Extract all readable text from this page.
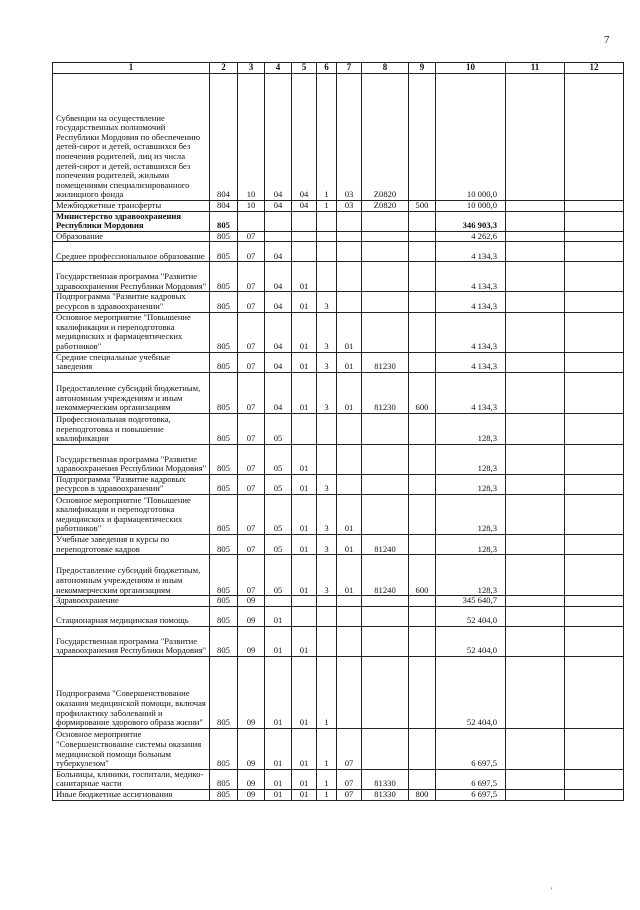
7
1	2	3	4	5	6	7	8	9	10	11	12
Субвенции на осуществление государственных полномочий Республики Мордовия по обеспечению детей-сирот и детей, оставшихся без попечения родителей, лиц из числа детей-сирот и детей, оставшихся без попечения родителей, жилыми помещениями специализированного жилищного фонда	804	10	04	04	1	03	Z0820		10 000,0		
Межбюджетные трансферты	804	10	04	04	1	03	Z0820	500	10 000,0		
Министерство здравоохранения Республики Мордовия	805								346 903,3		
Образование	805	07							4 262,6		
Среднее профессиональное образование	805	07	04						4 134,3		
Государственная программа "Развитие здравоохранения Республики Мордовия"	805	07	04	01					4 134,3		
Подпрограмма "Развитие кадровых ресурсов в здравоохранении"	805	07	04	01	3				4 134,3		
Основное мероприятие "Повышение квалификации и переподготовка медицинских и фармацевтических работников"	805	07	04	01	3	01			4 134,3		
Средние специальные учебные заведения	805	07	04	01	3	01	81230		4 134,3		
Предоставление субсидий бюджетным, автономным учреждениям и иным некоммерческим организациям	805	07	04	01	3	01	81230	600	4 134,3		
Профессиональная подготовка, переподготовка и повышение квалификации	805	07	05						128,3		
Государственная программа "Развитие здравоохранения Республики Мордовия"	805	07	05	01					128,3		
Подпрограмма "Развитие кадровых ресурсов в здравоохранении"	805	07	05	01	3				128,3		
Основное мероприятие "Повышение квалификации и переподготовка медицинских и фармацевтических работников"	805	07	05	01	3	01			128,3		
Учебные заведения и курсы по переподготовке кадров	805	07	05	01	3	01	81240		128,3		
Предоставление субсидий бюджетным, автономным учреждениям и иным некоммерческим организациям	805	07	05	01	3	01	81240	600	128,3		
Здравоохранение	805	09							345 640,7		
Стационарная медицинская помощь	805	09	01						52 404,0		
Государственная программа "Развитие здравоохранения Республики Мордовия"	805	09	01	01					52 404,0		
Подпрограмма "Совершенствование оказания медицинской помощи, включая профилактику заболеваний и формирование здорового образа жизни"	805	09	01	01	1				52 404,0		
Основное мероприятие "Совершенствование системы оказания медицинской помощи больным туберкулезом"	805	09	01	01	1	07			6 697,5		
Больницы, клиники, госпитали, медико-санитарные части	805	09	01	01	1	07	81330		6 697,5		
Иные бюджетные ассигнования	805	09	01	01	1	07	81330	800	6 697,5		
'
